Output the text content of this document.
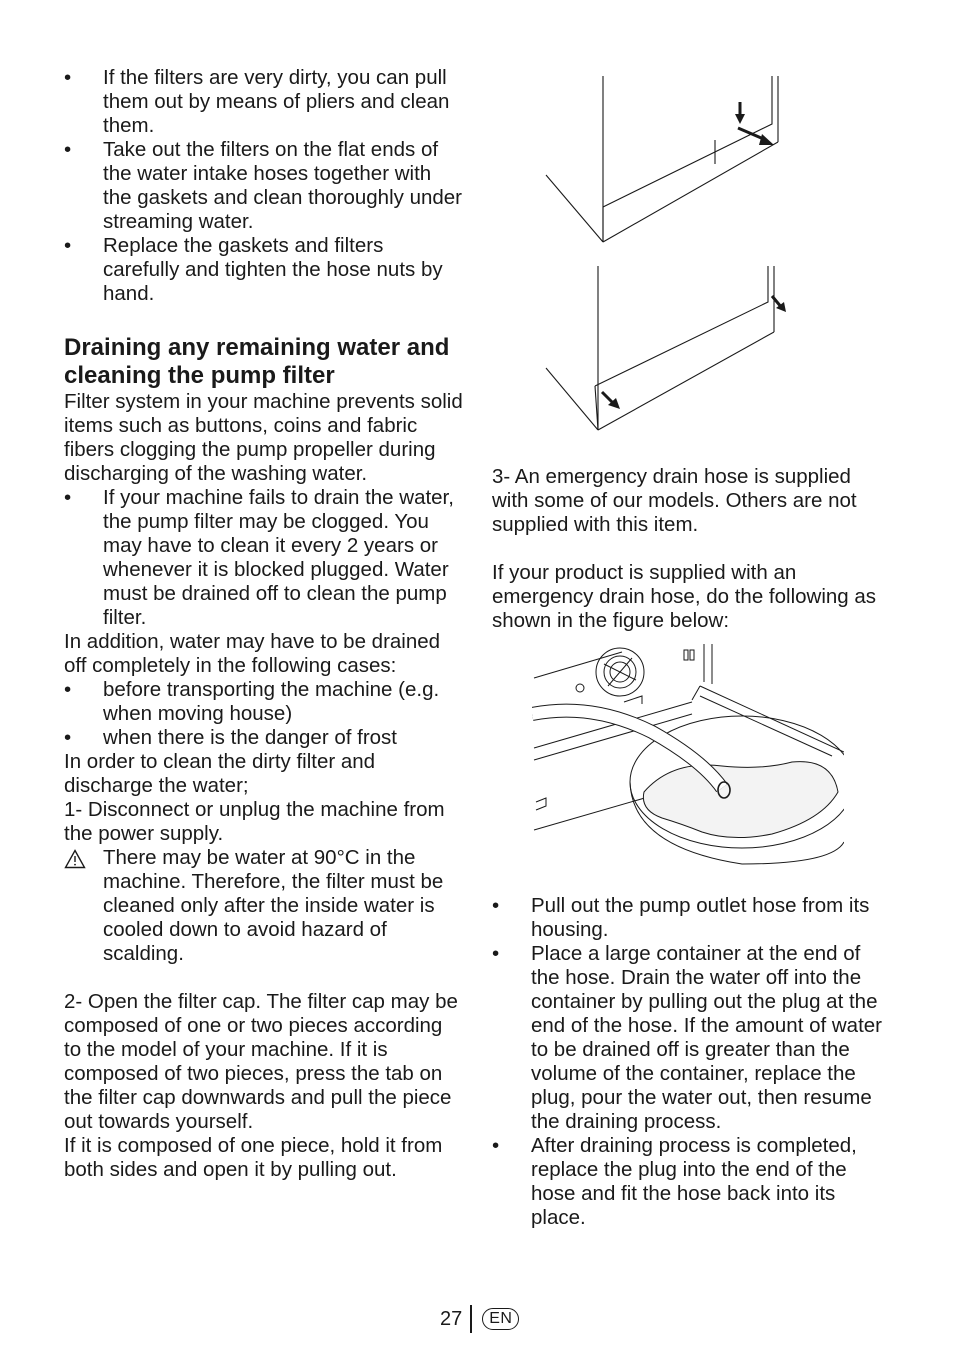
• If the filters are very dirty, you can pull them out by means of pliers and clean them.
• Take out the filters on the flat ends of the water intake hoses together with the gaskets and clean thoroughly under streaming water.
• Replace the gaskets and filters carefully and tighten the hose nuts by hand.
Draining any remaining water and cleaning the pump filter

Filter system in your machine prevents solid items such as buttons, coins and fabric fibers clogging the pump propeller during discharging of the washing water.

• If your machine fails to drain the water, the pump filter may be clogged. You may have to clean it every 2 years or whenever it is blocked plugged. Water must be drained off to clean the pump filter.

In addition, water may have to be drained off completely in the following cases:

• before transporting the machine (e.g. when moving house)
• when there is the danger of frost

In order to clean the dirty filter and discharge the water;

1- Disconnect or unplug the machine from the power supply.

There may be water at 90°C in the machine. Therefore, the filter must be cleaned only after the inside water is cooled down to avoid hazard of scalding.

2- Open the filter cap. The filter cap may be composed of one or two pieces according to the model of your machine. If it is composed of two pieces, press the tab on the filter cap downwards and pull the piece out towards yourself.

If it is composed of one piece, hold it from both sides and open it by pulling out.

3- An emergency drain hose is supplied with some of our models. Others are not supplied with this item.

If your product is supplied with an emergency drain hose, do the following as shown in the figure below:

• Pull out the pump outlet hose from its housing.
• Place a large container at the end of the hose. Drain the water off into the container by pulling out the plug at the end of the hose. If the amount of water to be drained off is greater than the volume of the container, replace the plug, pour the water out, then resume the draining process.
• After draining process is completed, replace the plug into the end of the hose and fit the hose back into its place.
27	EN
